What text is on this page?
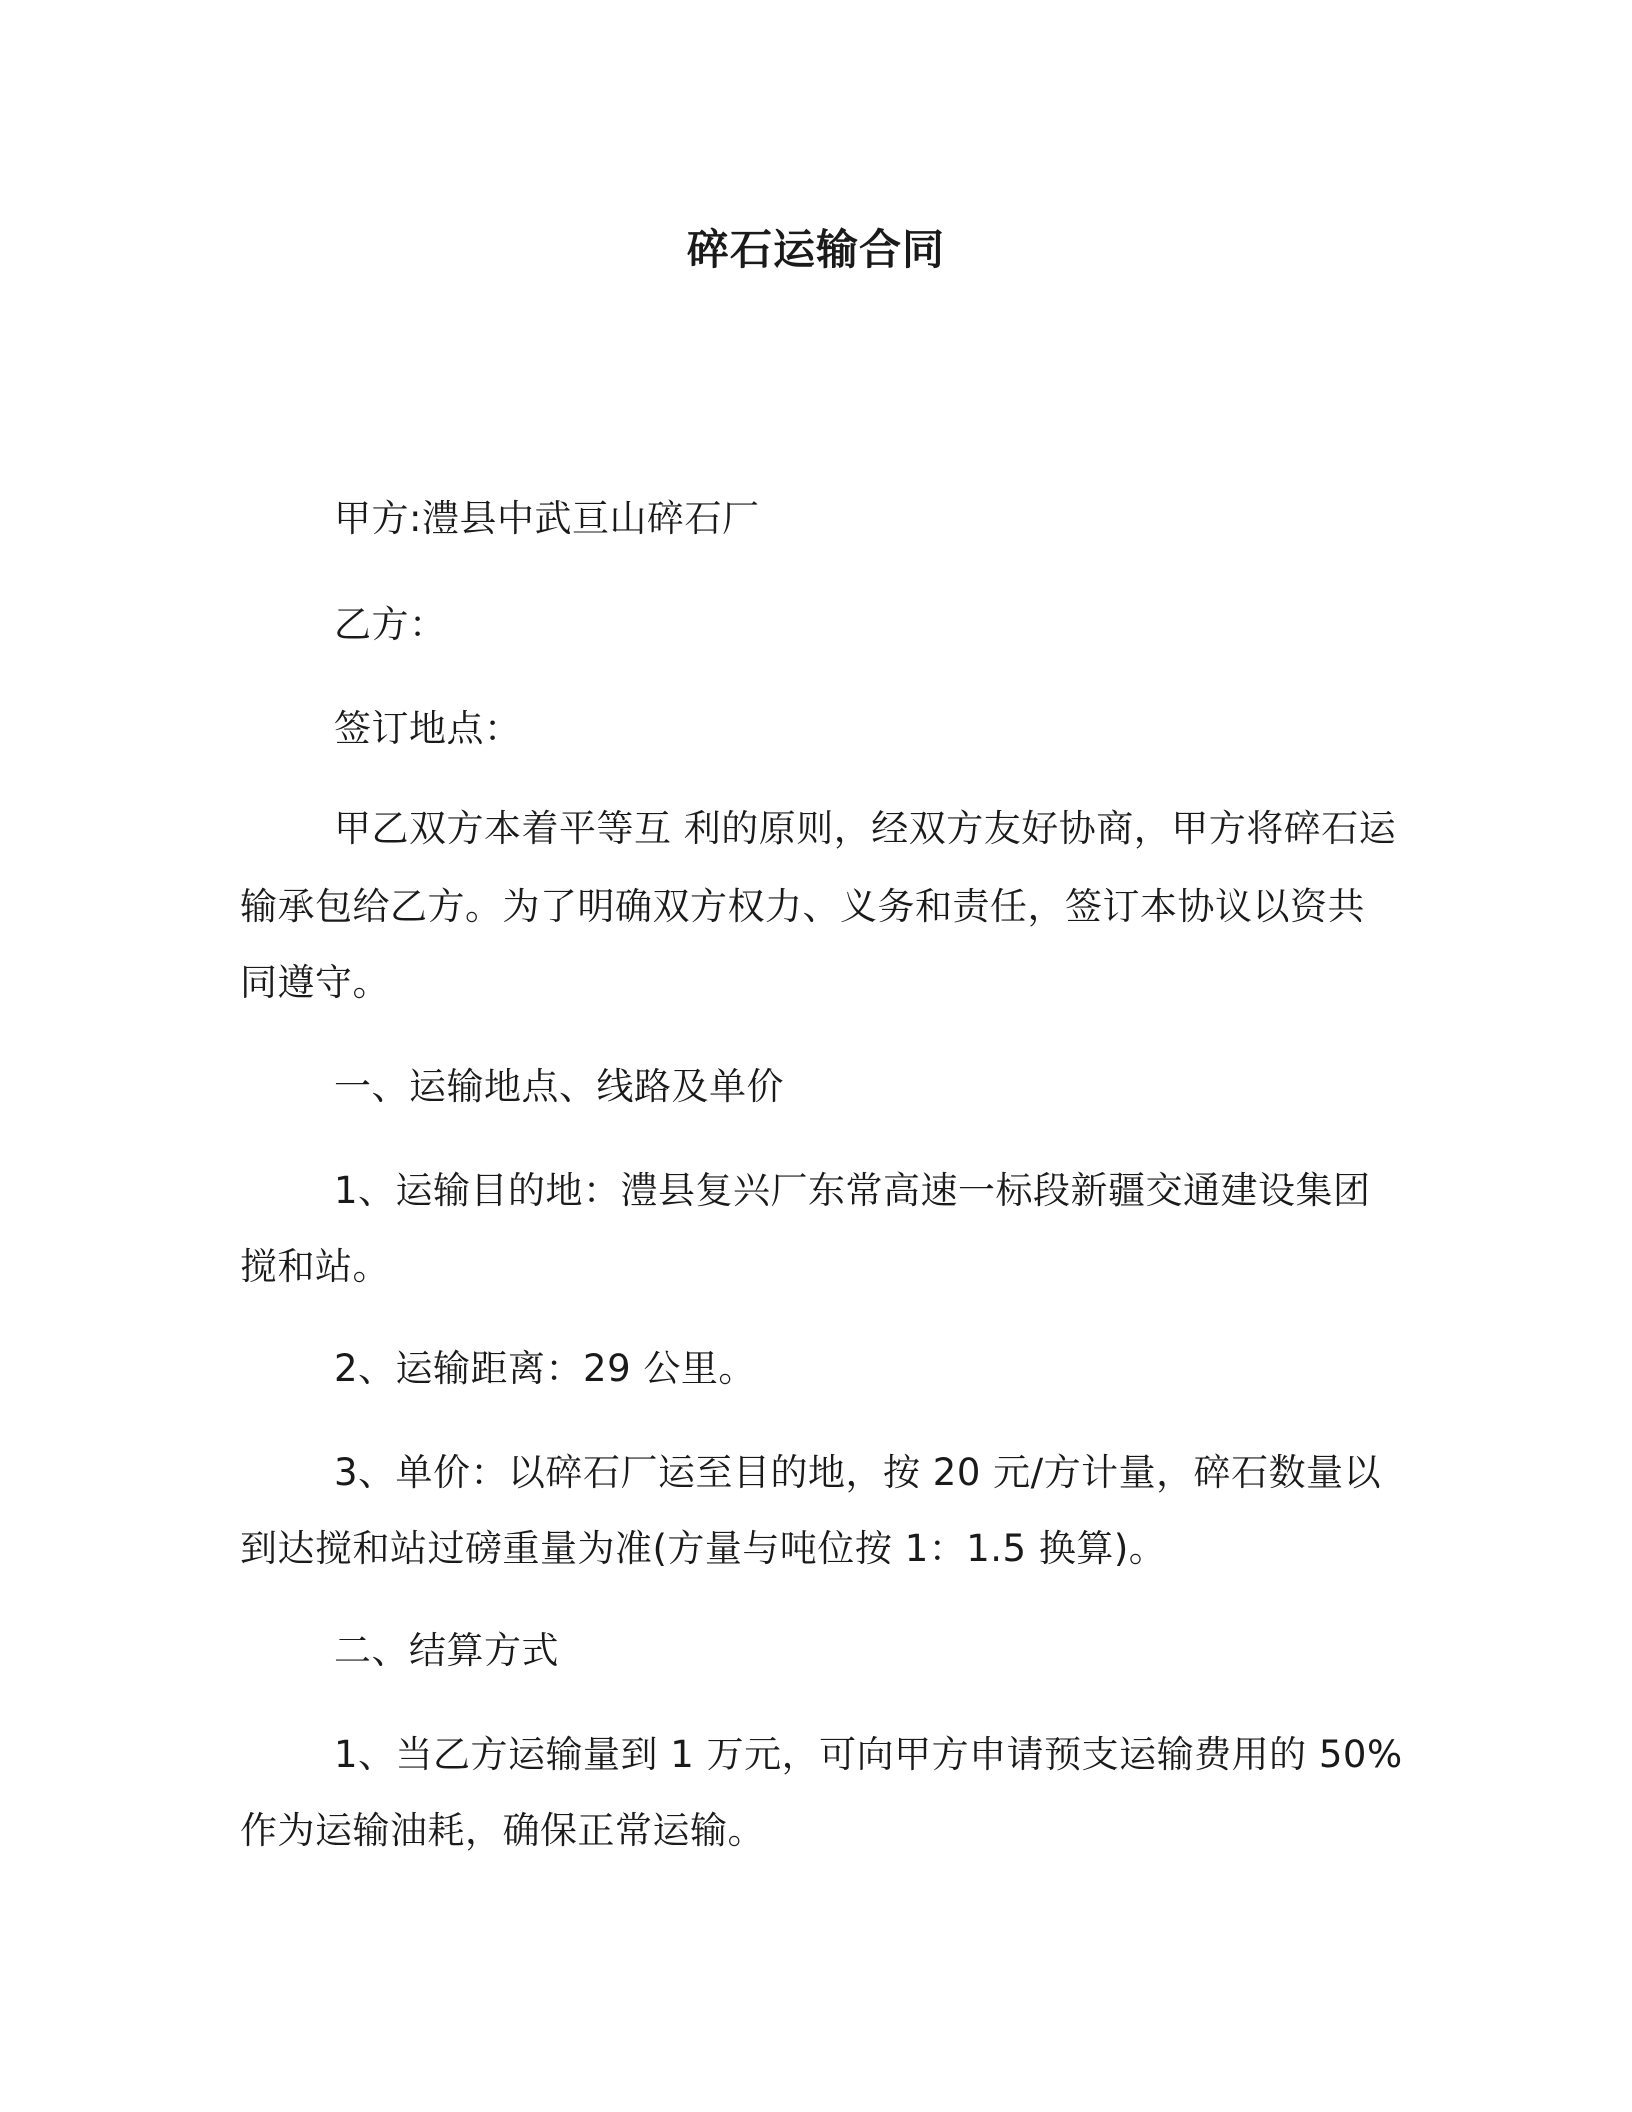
碎石运输合同
甲方:澧县中武亘山碎石厂
乙方：
签订地点：
甲乙双方本着平等互 利的原则，经双方友好协商，甲方将碎石运
输承包给乙方。为了明确双方权力、义务和责任，签订本协议以资共
同遵守。
一、运输地点、线路及单价
1、运输目的地：澧县复兴厂东常高速一标段新疆交通建设集团
搅和站。
2、运输距离：29 公里。
3、单价：以碎石厂运至目的地，按 20 元/方计量，碎石数量以
到达搅和站过磅重量为准(方量与吨位按 1：1.5 换算)。
二、结算方式
1、当乙方运输量到 1 万元，可向甲方申请预支运输费用的 50%
作为运输油耗，确保正常运输。
